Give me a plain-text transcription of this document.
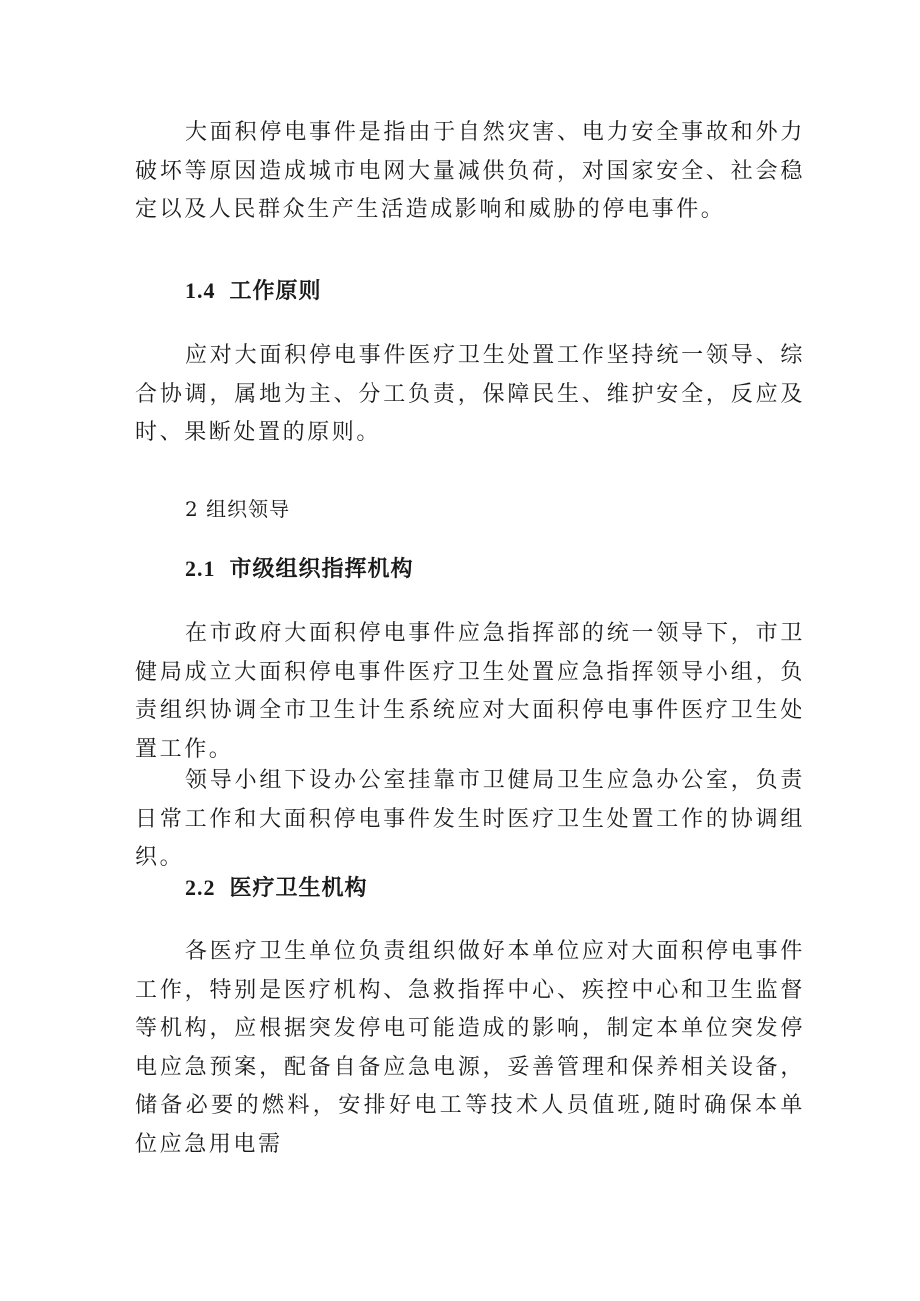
大面积停电事件是指由于自然灾害、电力安全事故和外力破坏等原因造成城市电网大量减供负荷，对国家安全、社会稳定以及人民群众生产生活造成影响和威胁的停电事件。

1.4 工作原则

应对大面积停电事件医疗卫生处置工作坚持统一领导、综合协调，属地为主、分工负责，保障民生、维护安全，反应及时、果断处置的原则。

2 组织领导

2.1 市级组织指挥机构

在市政府大面积停电事件应急指挥部的统一领导下，市卫健局成立大面积停电事件医疗卫生处置应急指挥领导小组，负责组织协调全市卫生计生系统应对大面积停电事件医疗卫生处置工作。

领导小组下设办公室挂靠市卫健局卫生应急办公室，负责日常工作和大面积停电事件发生时医疗卫生处置工作的协调组织。

2.2 医疗卫生机构

各医疗卫生单位负责组织做好本单位应对大面积停电事件工作，特别是医疗机构、急救指挥中心、疾控中心和卫生监督等机构，应根据突发停电可能造成的影响，制定本单位突发停电应急预案，配备自备应急电源，妥善管理和保养相关设备，储备必要的燃料，安排好电工等技术人员值班,随时确保本单位应急用电需
